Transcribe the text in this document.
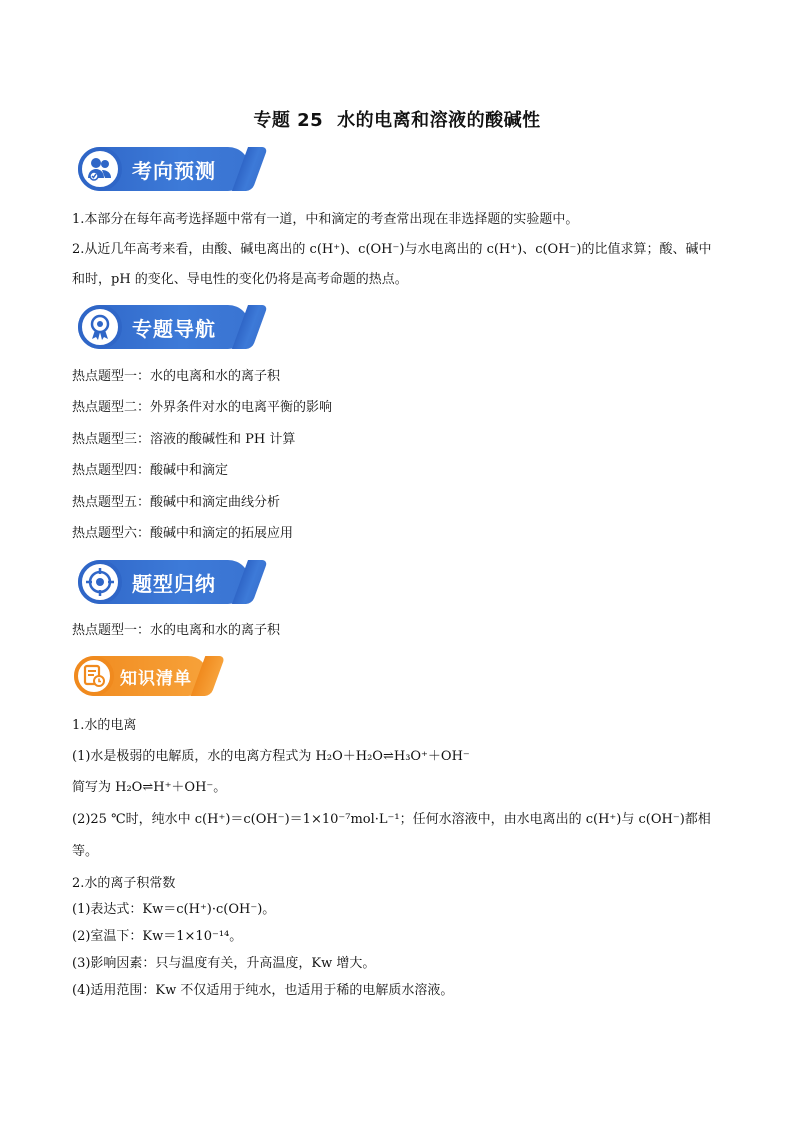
专题 25 水的电离和溶液的酸碱性
考向预测

1.本部分在每年高考选择题中常有一道，中和滴定的考查常出现在非选择题的实验题中。

2.从近几年高考来看，由酸、碱电离出的 c(H⁺)、c(OH⁻)与水电离出的 c(H⁺)、c(OH⁻)的比值求算；酸、碱中

和时，pH 的变化、导电性的变化仍将是高考命题的热点。

专题导航

热点题型一：水的电离和水的离子积

热点题型二：外界条件对水的电离平衡的影响

热点题型三：溶液的酸碱性和 PH 计算

热点题型四：酸碱中和滴定

热点题型五：酸碱中和滴定曲线分析

热点题型六：酸碱中和滴定的拓展应用

题型归纳

热点题型一：水的电离和水的离子积

知识清单

1.水的电离

(1)水是极弱的电解质，水的电离方程式为 H₂O＋H₂O⇌H₃O⁺＋OH⁻

简写为 H₂O⇌H⁺＋OH⁻。

(2)25 ℃时，纯水中 c(H⁺)＝c(OH⁻)＝1×10⁻⁷mol·L⁻¹；任何水溶液中，由水电离出的 c(H⁺)与 c(OH⁻)都相

等。

2.水的离子积常数

(1)表达式：Kw＝c(H⁺)·c(OH⁻)。

(2)室温下：Kw＝1×10⁻¹⁴。

(3)影响因素：只与温度有关，升高温度，Kw 增大。

(4)适用范围：Kw 不仅适用于纯水，也适用于稀的电解质水溶液。
